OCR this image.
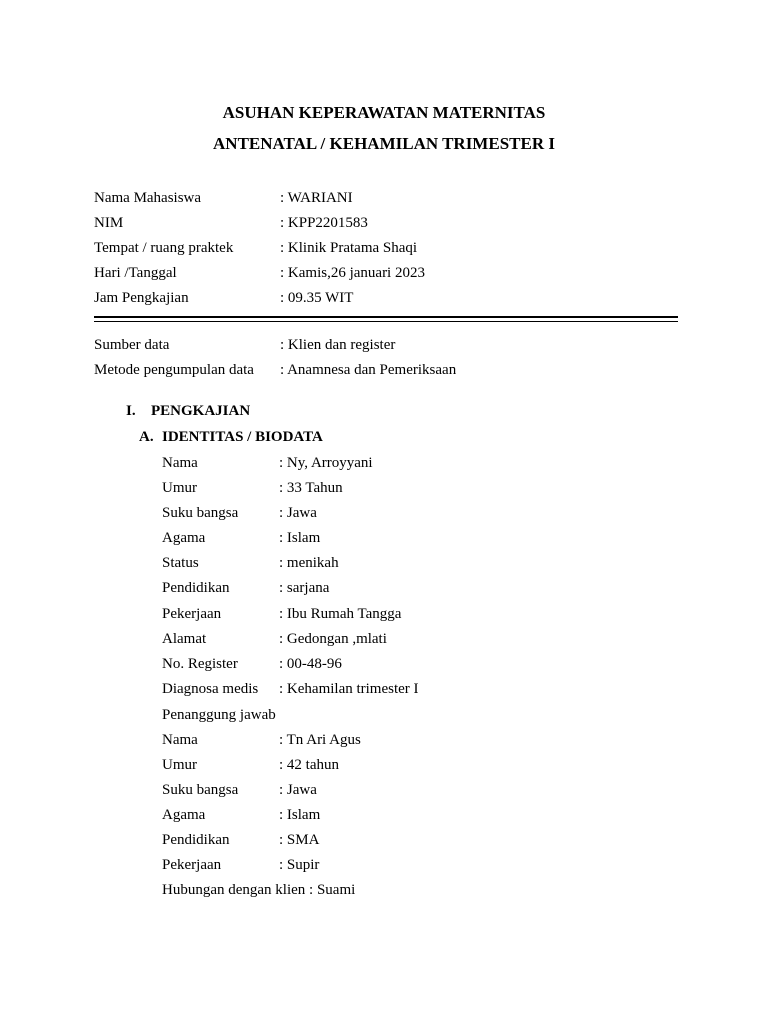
ASUHAN KEPERAWATAN MATERNITAS
ANTENATAL / KEHAMILAN TRIMESTER I
Nama Mahasiswa	: WARIANI
NIM	: KPP2201583
Tempat / ruang praktek	: Klinik Pratama Shaqi
Hari /Tanggal	: Kamis,26 januari 2023
Jam Pengkajian	: 09.35 WIT
Sumber data	: Klien dan register
Metode pengumpulan data : Anamnesa dan Pemeriksaan
I. PENGKAJIAN
A. IDENTITAS / BIODATA
Nama	: Ny, Arroyyani
Umur	: 33 Tahun
Suku bangsa	: Jawa
Agama	: Islam
Status	: menikah
Pendidikan	: sarjana
Pekerjaan	: Ibu Rumah Tangga
Alamat	: Gedongan ,mlati
No. Register	: 00-48-96
Diagnosa medis : Kehamilan trimester I
Penanggung jawab
Nama	: Tn Ari Agus
Umur	: 42 tahun
Suku bangsa	: Jawa
Agama	: Islam
Pendidikan	: SMA
Pekerjaan	: Supir
Hubungan dengan klien : Suami
